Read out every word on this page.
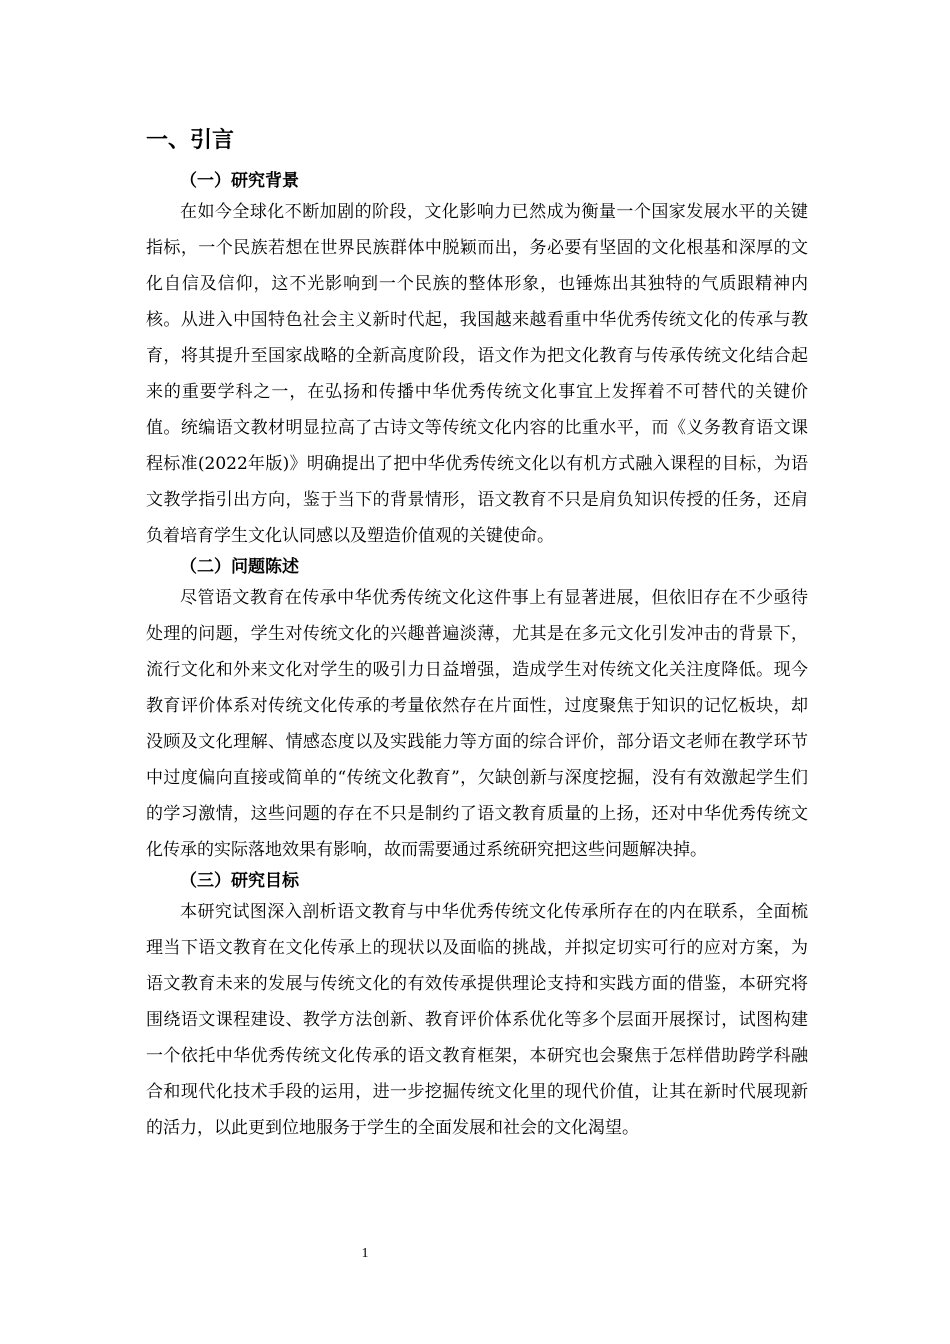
一、引言
（一）研究背景

在如今全球化不断加剧的阶段，文化影响力已然成为衡量一个国家发展水平的关键指标，一个民族若想在世界民族群体中脱颖而出，务必要有坚固的文化根基和深厚的文化自信及信仰，这不光影响到一个民族的整体形象，也锤炼出其独特的气质跟精神内核。从进入中国特色社会主义新时代起，我国越来越看重中华优秀传统文化的传承与教育，将其提升至国家战略的全新高度阶段，语文作为把文化教育与传承传统文化结合起来的重要学科之一，在弘扬和传播中华优秀传统文化事宜上发挥着不可替代的关键价值。统编语文教材明显拉高了古诗文等传统文化内容的比重水平，而《义务教育语文课程标准(2022年版)》明确提出了把中华优秀传统文化以有机方式融入课程的目标，为语文教学指引出方向，鉴于当下的背景情形，语文教育不只是肩负知识传授的任务，还肩负着培育学生文化认同感以及塑造价值观的关键使命。

（二）问题陈述

尽管语文教育在传承中华优秀传统文化这件事上有显著进展，但依旧存在不少亟待处理的问题，学生对传统文化的兴趣普遍淡薄，尤其是在多元文化引发冲击的背景下，流行文化和外来文化对学生的吸引力日益增强，造成学生对传统文化关注度降低。现今教育评价体系对传统文化传承的考量依然存在片面性，过度聚焦于知识的记忆板块，却没顾及文化理解、情感态度以及实践能力等方面的综合评价，部分语文老师在教学环节中过度偏向直接或简单的“传统文化教育”，欠缺创新与深度挖掘，没有有效激起学生们的学习激情，这些问题的存在不只是制约了语文教育质量的上扬，还对中华优秀传统文化传承的实际落地效果有影响，故而需要通过系统研究把这些问题解决掉。

（三）研究目标

本研究试图深入剖析语文教育与中华优秀传统文化传承所存在的内在联系，全面梳理当下语文教育在文化传承上的现状以及面临的挑战，并拟定切实可行的应对方案，为语文教育未来的发展与传统文化的有效传承提供理论支持和实践方面的借鉴，本研究将围绕语文课程建设、教学方法创新、教育评价体系优化等多个层面开展探讨，试图构建一个依托中华优秀传统文化传承的语文教育框架，本研究也会聚焦于怎样借助跨学科融合和现代化技术手段的运用，进一步挖掘传统文化里的现代价值，让其在新时代展现新的活力，以此更到位地服务于学生的全面发展和社会的文化渴望。

1
